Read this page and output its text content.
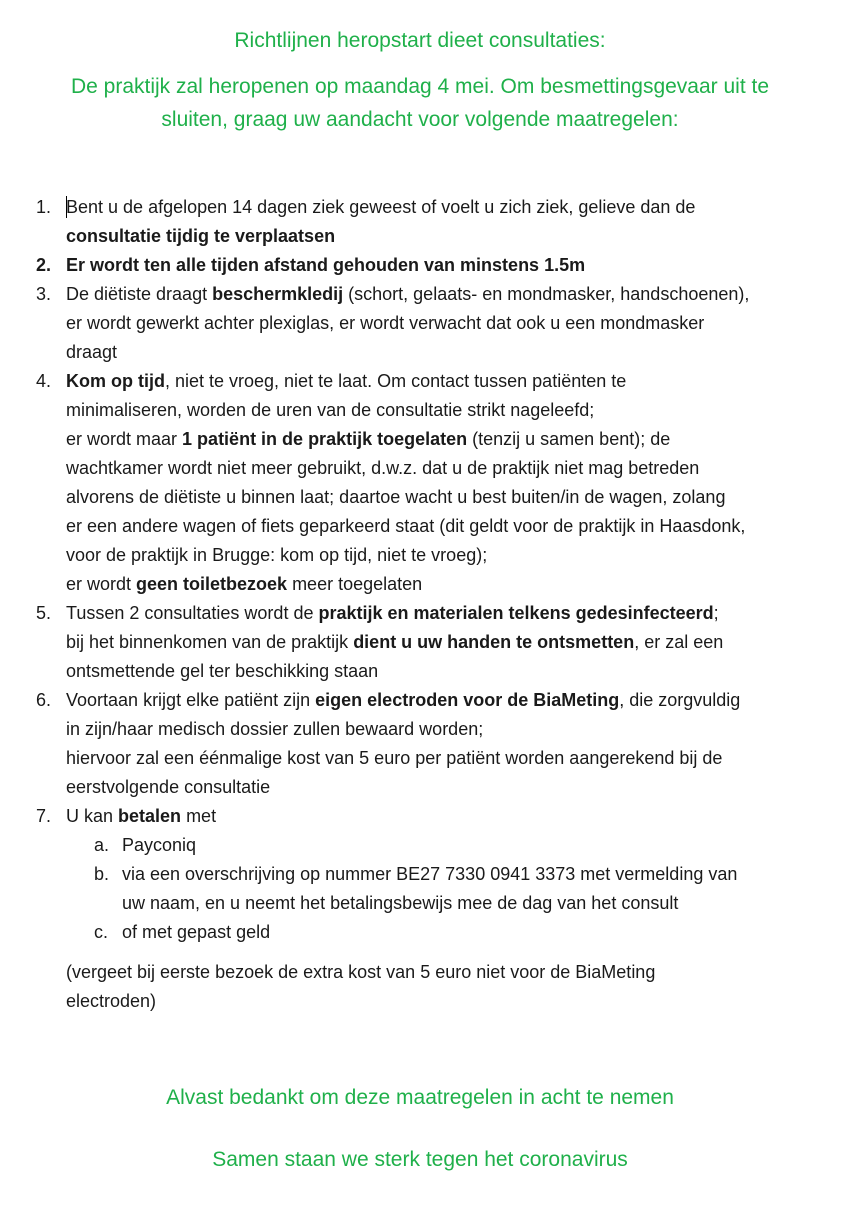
Richtlijnen heropstart dieet consultaties:
De praktijk zal heropenen op maandag 4 mei. Om besmettingsgevaar uit te
sluiten, graag uw aandacht voor volgende maatregelen:
1. Bent u de afgelopen 14 dagen ziek geweest of voelt u zich ziek, gelieve dan de
consultatie tijdig te verplaatsen
2. Er wordt ten alle tijden afstand gehouden van minstens 1.5m
3. De diëtiste draagt beschermkledij (schort, gelaats- en mondmasker, handschoenen),
er wordt gewerkt achter plexiglas, er wordt verwacht dat ook u een mondmasker
draagt
4. Kom op tijd, niet te vroeg, niet te laat. Om contact tussen patiënten te
minimaliseren, worden de uren van de consultatie strikt nageleefd;
er wordt maar 1 patiënt in de praktijk toegelaten (tenzij u samen bent); de
wachtkamer wordt niet meer gebruikt, d.w.z. dat u de praktijk niet mag betreden
alvorens de diëtiste u binnen laat; daartoe wacht u best buiten/in de wagen, zolang
er een andere wagen of fiets geparkeerd staat (dit geldt voor de praktijk in Haasdonk,
voor de praktijk in Brugge: kom op tijd, niet te vroeg);
er wordt geen toiletbezoek meer toegelaten
5. Tussen 2 consultaties wordt de praktijk en materialen telkens gedesinfecteerd;
bij het binnenkomen van de praktijk dient u uw handen te ontsmetten, er zal een
ontsmettende gel ter beschikking staan
6. Voortaan krijgt elke patiënt zijn eigen electroden voor de BiaMeting, die zorgvuldig
in zijn/haar medisch dossier zullen bewaard worden;
hiervoor zal een éénmalige kost van 5 euro per patiënt worden aangerekend bij de
eerstvolgende consultatie
7. U kan betalen met
a. Payconiq
b. via een overschrijving op nummer BE27 7330 0941 3373 met vermelding van
uw naam, en u neemt het betalingsbewijs mee de dag van het consult
c. of met gepast geld
(vergeet bij eerste bezoek de extra kost van 5 euro niet voor de BiaMeting
electroden)
Alvast bedankt om deze maatregelen in acht te nemen
Samen staan we sterk tegen het coronavirus
